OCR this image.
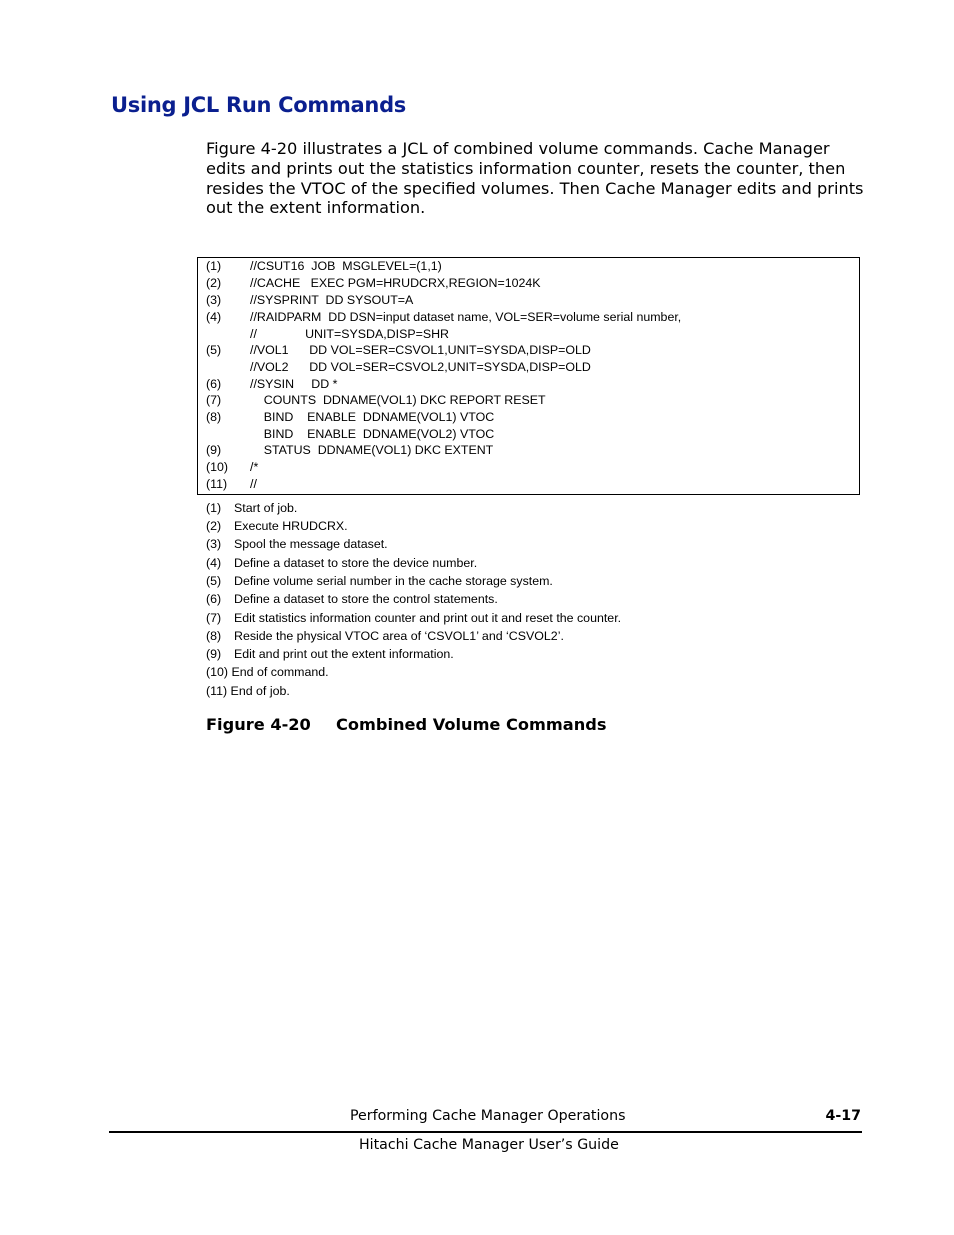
Using JCL Run Commands

Figure 4-20 illustrates a JCL of combined volume commands. Cache Manager edits and prints out the statistics information counter, resets the counter, then resides the VTOC of the specified volumes. Then Cache Manager edits and prints out the extent information.

(1) //CSUT16  JOB  MSGLEVEL=(1,1)
(2) //CACHE   EXEC PGM=HRUDCRX,REGION=1024K
(3) //SYSPRINT  DD SYSOUT=A
(4) //RAIDPARM  DD DSN=input dataset name, VOL=SER=volume serial number,
//              UNIT=SYSDA,DISP=SHR
(5) //VOL1      DD VOL=SER=CSVOL1,UNIT=SYSDA,DISP=OLD
//VOL2      DD VOL=SER=CSVOL2,UNIT=SYSDA,DISP=OLD
(6) //SYSIN     DD *
(7) COUNTS  DDNAME(VOL1) DKC REPORT RESET
(8) BIND    ENABLE  DDNAME(VOL1) VTOC
BIND    ENABLE  DDNAME(VOL2) VTOC
(9) STATUS  DDNAME(VOL1) DKC EXTENT
(10) /*
(11) //
(1) Start of job.
(2) Execute HRUDCRX.
(3) Spool the message dataset.
(4) Define a dataset to store the device number.
(5) Define volume serial number in the cache storage system.
(6) Define a dataset to store the control statements.
(7) Edit statistics information counter and print out it and reset the counter.
(8) Reside the physical VTOC area of ‘CSVOL1’ and ‘CSVOL2’.
(9) Edit and print out the extent information.
(10) End of command.
(11) End of job.
Figure 4-20 Combined Volume Commands
Performing Cache Manager Operations	4-17
Hitachi Cache Manager User’s Guide
